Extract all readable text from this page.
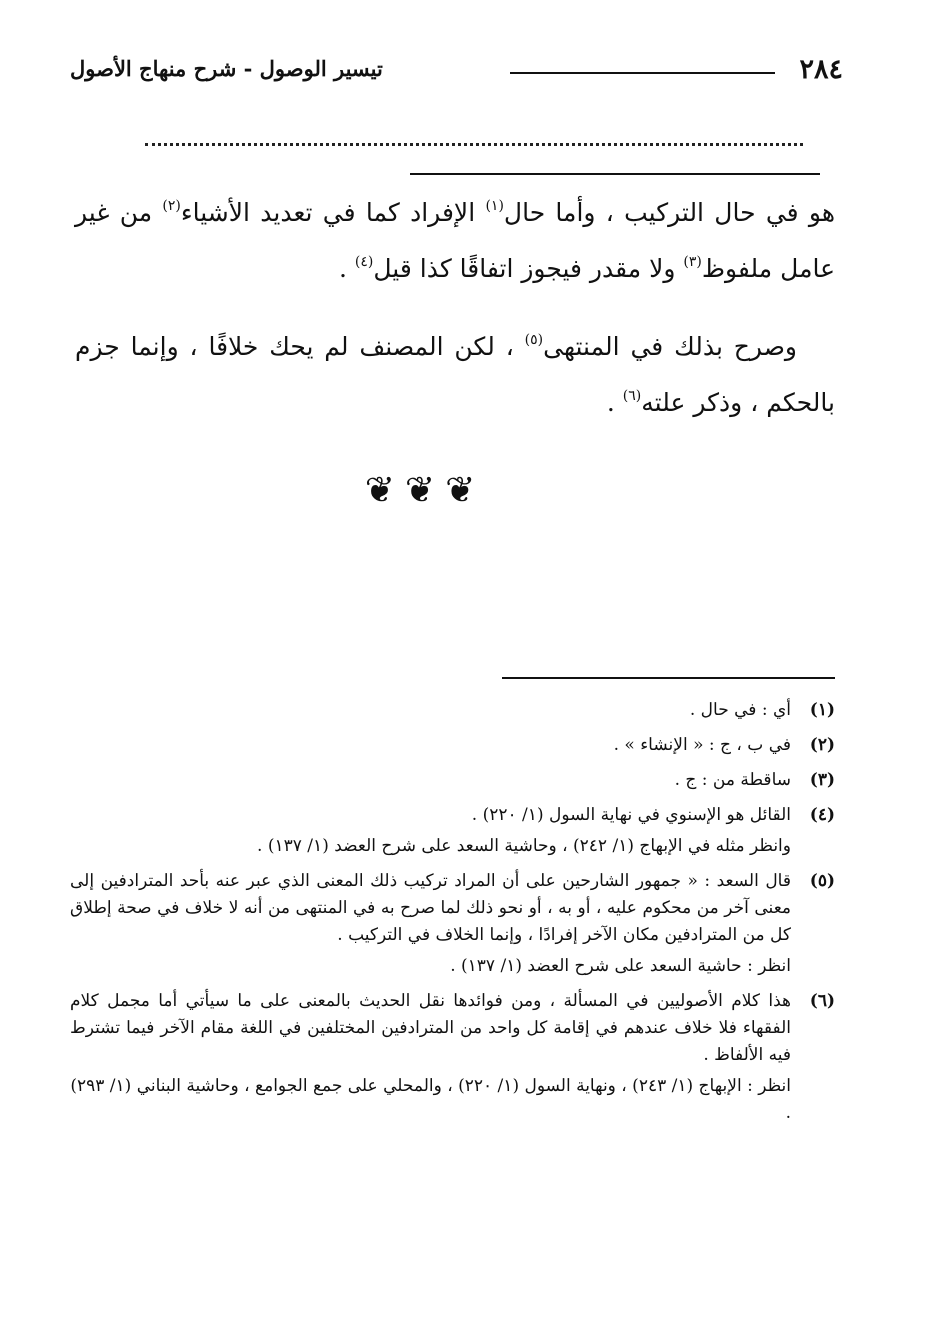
٢٨٤
تيسير الوصول - شرح منهاج الأصول

هو في حال التركيب ، وأما حال$^{(١)}$ الإفراد كما في تعديد الأشياء$^{(٢)}$ من غير عامل ملفوظ$^{(٣)}$ ولا مقدر فيجوز اتفاقًا كذا قيل$^{(٤)}$ .

وصرح بذلك في المنتهى$^{(٥)}$ ، لكن المصنف لم يحك خلافًا ، وإنما جزم بالحكم ، وذكر علته$^{(٦)}$ .

❦❦❦
(١)
أي : في حال .
(٢)
في ب ، ج : « الإنشاء » .
(٣)
ساقطة من : ج .
(٤)
القائل هو الإسنوي في نهاية السول (١/ ٢٢٠) .
وانظر مثله في الإبهاج (١/ ٢٤٢) ، وحاشية السعد على شرح العضد (١/ ١٣٧) .
(٥)
قال السعد : « جمهور الشارحين على أن المراد تركيب ذلك المعنى الذي عبر عنه بأحد المترادفين إلى معنى آخر من محكوم عليه ، أو به ، أو نحو ذلك لما صرح به في المنتهى من أنه لا خلاف في صحة إطلاق كل من المترادفين مكان الآخر إفرادًا ، وإنما الخلاف في التركيب .
انظر : حاشية السعد على شرح العضد (١/ ١٣٧) .
(٦)
هذا كلام الأصوليين في المسألة ، ومن فوائدها نقل الحديث بالمعنى على ما سيأتي أما مجمل كلام الفقهاء فلا خلاف عندهم في إقامة كل واحد من المترادفين المختلفين في اللغة مقام الآخر فيما تشترط فيه الألفاظ .
انظر : الإبهاج (١/ ٢٤٣) ، ونهاية السول (١/ ٢٢٠) ، والمحلي على جمع الجوامع ، وحاشية البناني (١/ ٢٩٣) .
